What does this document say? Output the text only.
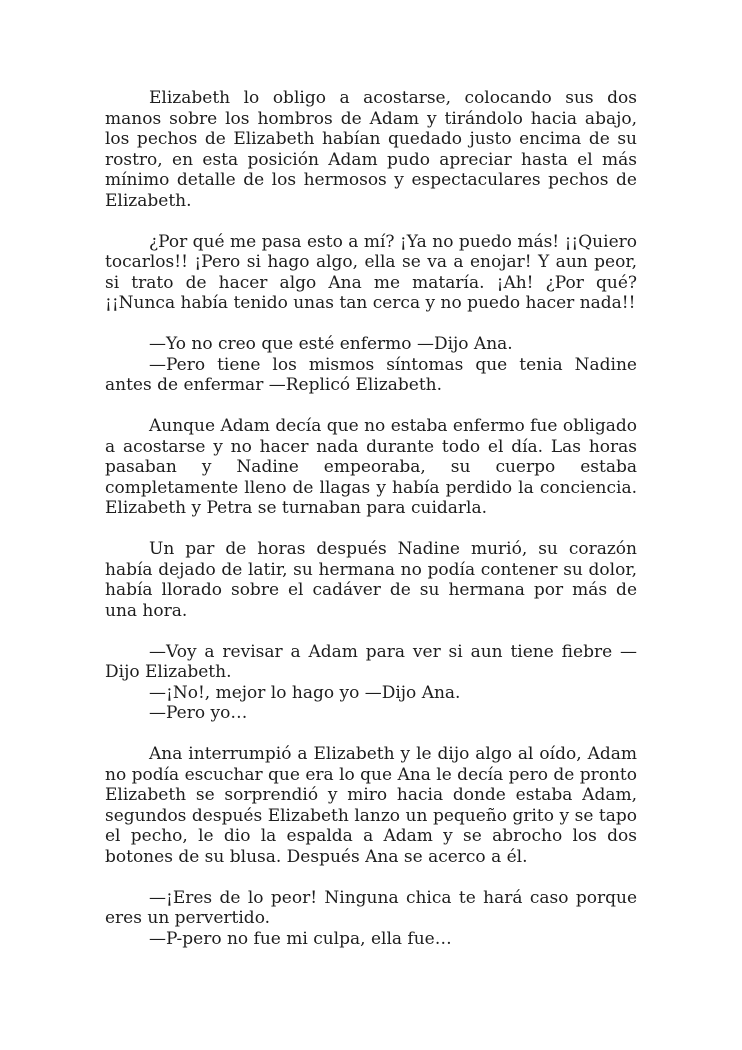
Elizabeth lo obligo a acostarse, colocando sus dos manos sobre los hombros de Adam y tirándolo hacia abajo, los pechos de Elizabeth habían quedado justo encima de su rostro, en esta posición Adam pudo apreciar hasta el más mínimo detalle de los hermosos y espectaculares pechos de Elizabeth.

¿Por qué me pasa esto a mí? ¡Ya no puedo más! ¡¡Quiero tocarlos!! ¡Pero si hago algo, ella se va a enojar! Y aun peor, si trato de hacer algo Ana me mataría. ¡Ah! ¿Por qué? ¡¡Nunca había tenido unas tan cerca y no puedo hacer nada!!

—Yo no creo que esté enfermo —Dijo Ana.

—Pero tiene los mismos síntomas que tenia Nadine antes de enfermar —Replicó Elizabeth.

Aunque Adam decía que no estaba enfermo fue obligado a acostarse y no hacer nada durante todo el día. Las horas pasaban y Nadine empeoraba, su cuerpo estaba completamente lleno de llagas y había perdido la conciencia. Elizabeth y Petra se turnaban para cuidarla.

Un par de horas después Nadine murió, su corazón había dejado de latir, su hermana no podía contener su dolor, había llorado sobre el cadáver de su hermana por más de una hora.

—Voy a revisar a Adam para ver si aun tiene fiebre —Dijo Elizabeth.

—¡No!, mejor lo hago yo —Dijo Ana.

—Pero yo…

Ana interrumpió a Elizabeth y le dijo algo al oído, Adam no podía escuchar que era lo que Ana le decía pero de pronto Elizabeth se sorprendió y miro hacia donde estaba Adam, segundos después Elizabeth lanzo un pequeño grito y se tapo el pecho, le dio la espalda a Adam y se abrocho los dos botones de su blusa. Después Ana se acerco a él.

—¡Eres de lo peor! Ninguna chica te hará caso porque eres un pervertido.

—P-pero no fue mi culpa, ella fue…
